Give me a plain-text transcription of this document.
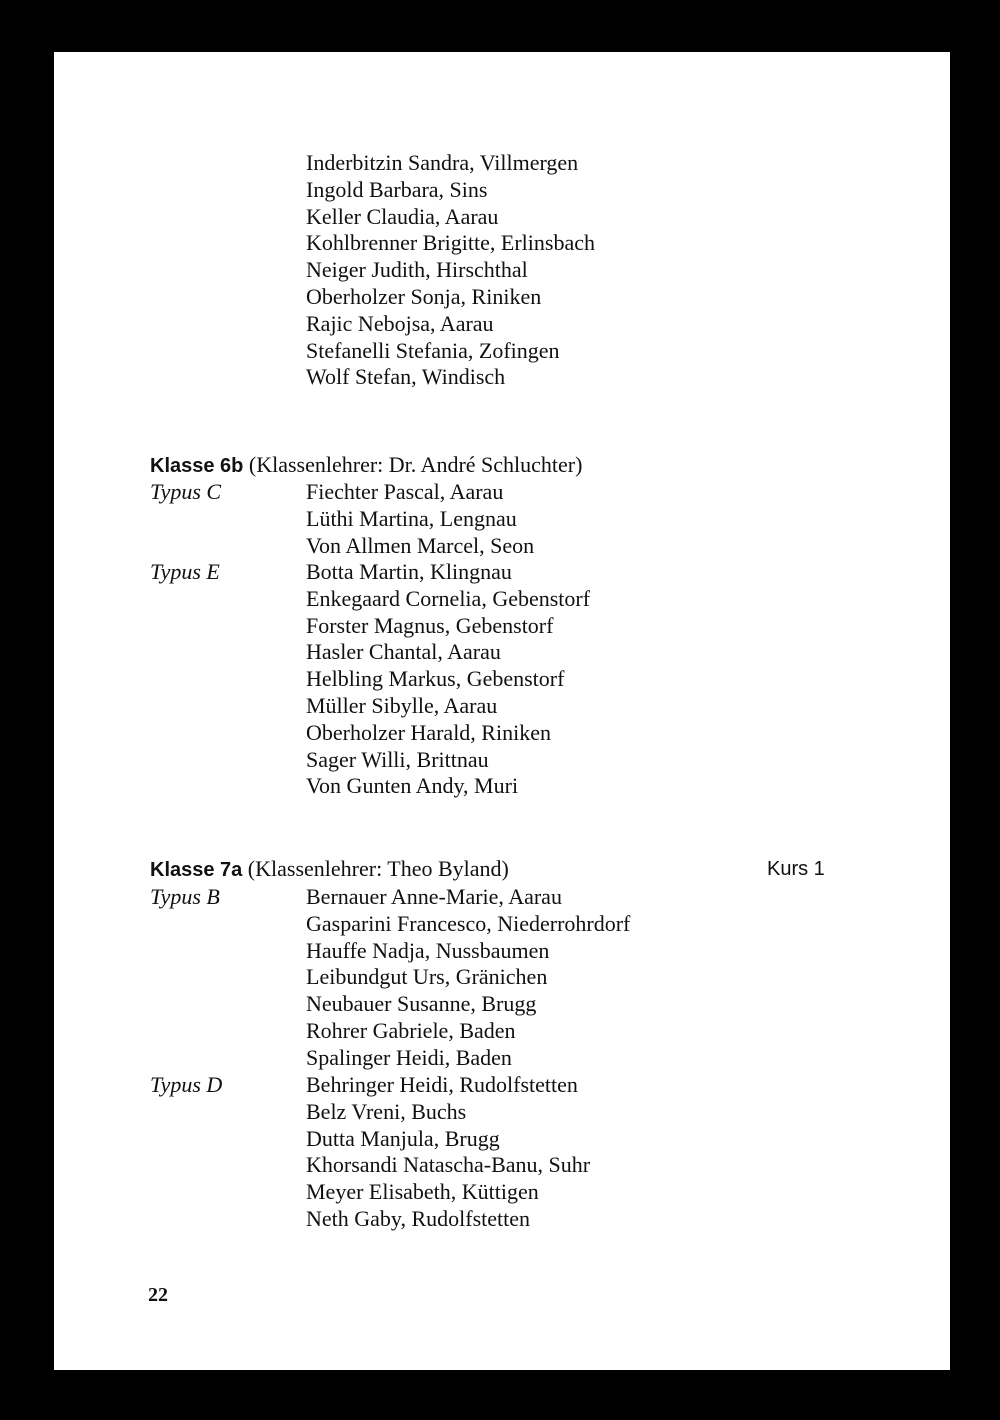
Inderbitzin Sandra, Villmergen
Ingold Barbara, Sins
Keller Claudia, Aarau
Kohlbrenner Brigitte, Erlinsbach
Neiger Judith, Hirschthal
Oberholzer Sonja, Riniken
Rajic Nebojsa, Aarau
Stefanelli Stefania, Zofingen
Wolf Stefan, Windisch
Klasse 6b (Klassenlehrer: Dr. André Schluchter)
Typus C	Fiechter Pascal, Aarau
Lüthi Martina, Lengnau
Von Allmen Marcel, Seon
Typus E	Botta Martin, Klingnau
Enkegaard Cornelia, Gebenstorf
Forster Magnus, Gebenstorf
Hasler Chantal, Aarau
Helbling Markus, Gebenstorf
Müller Sibylle, Aarau
Oberholzer Harald, Riniken
Sager Willi, Brittnau
Von Gunten Andy, Muri
Klasse 7a (Klassenlehrer: Theo Byland)	Kurs 1
Typus B	Bernauer Anne-Marie, Aarau
Gasparini Francesco, Niederrohrdorf
Hauffe Nadja, Nussbaumen
Leibundgut Urs, Gränichen
Neubauer Susanne, Brugg
Rohrer Gabriele, Baden
Spalinger Heidi, Baden
Typus D	Behringer Heidi, Rudolfstetten
Belz Vreni, Buchs
Dutta Manjula, Brugg
Khorsandi Natascha-Banu, Suhr
Meyer Elisabeth, Küttigen
Neth Gaby, Rudolfstetten
22
